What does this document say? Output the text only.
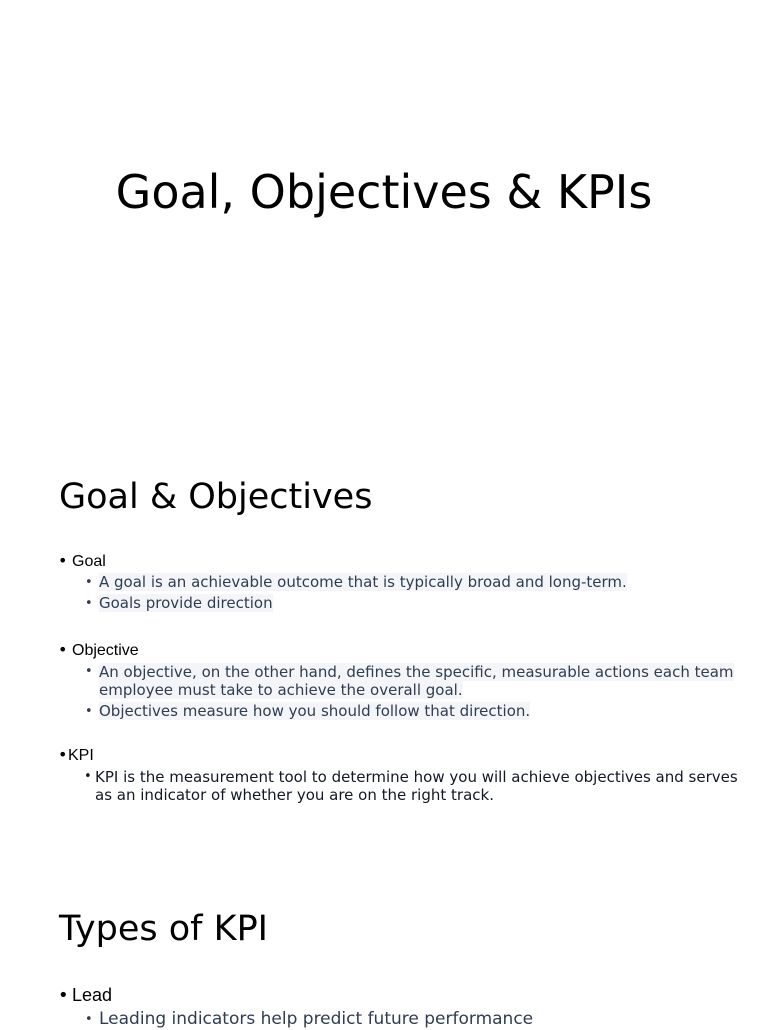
Goal, Objectives & KPIs
Goal & Objectives
• Goal
• A goal is an achievable outcome that is typically broad and long-term.
• Goals provide direction
• Objective
• An objective, on the other hand, defines the specific, measurable actions each team employee must take to achieve the overall goal.
• Objectives measure how you should follow that direction.
•KPI
• KPI is the measurement tool to determine how you will achieve objectives and serves as an indicator of whether you are on the right track.
Types of KPI
• Lead
• Leading indicators help predict future performance
